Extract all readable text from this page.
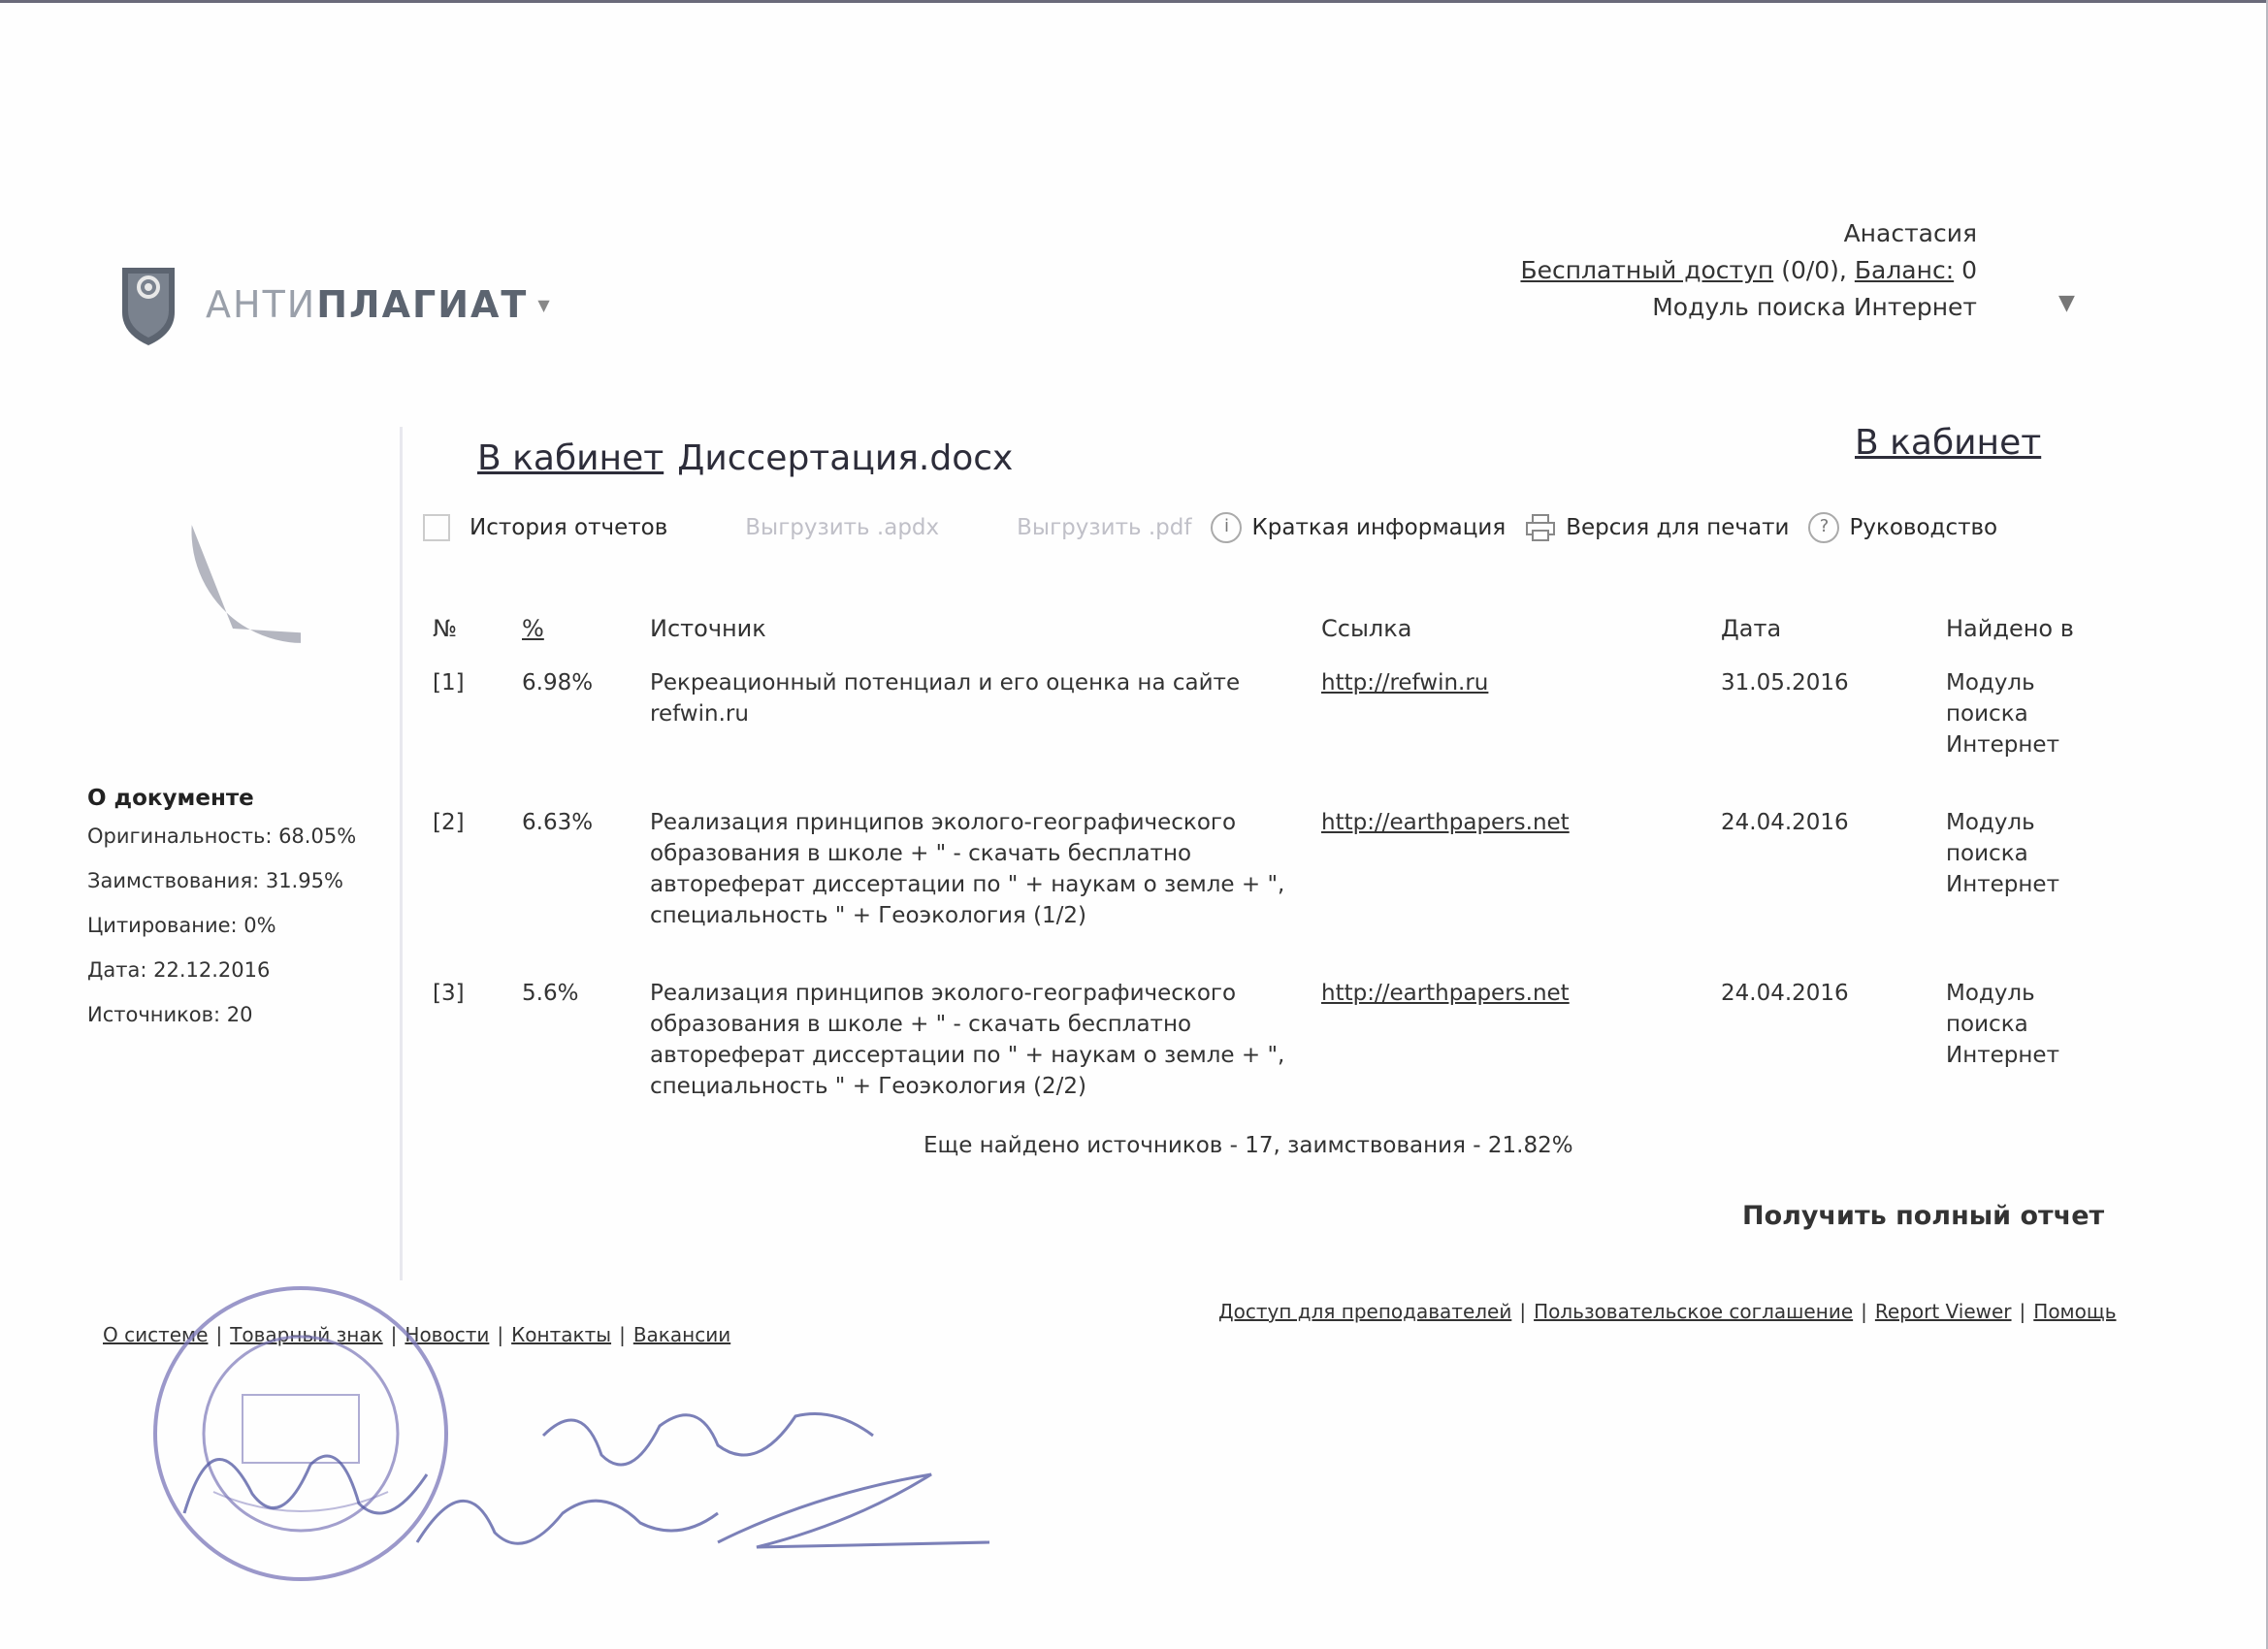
АНТИПЛАГИАТ ▼
Анастасия
Бесплатный доступ (0/0), Баланс: 0
Модуль поиска Интернет	▼
О документе
Оригинальность: 68.05%
Заимствования: 31.95%
Цитирование: 0%
Дата: 22.12.2016
Источников: 20
В кабинет Диссертация.docx	В кабинет
История отчетов	Выгрузить .apdx	Выгрузить .pdf	i	Краткая информация	Версия для печати	? Руководство
№	%	Источник	Ссылка	Дата	Найдено в
[1]	6.98%	Рекреационный потенциал и его оценка на сайте refwin.ru	http://refwin.ru	31.05.2016	Модуль поиска Интернет
[2]	6.63%	Реализация принципов эколого-географического образования в школе + " - скачать бесплатно автореферат диссертации по " + наукам о земле + ", специальность " + Геоэкология (1/2)	http://earthpapers.net	24.04.2016	Модуль поиска Интернет
[3]	5.6%	Реализация принципов эколого-географического образования в школе + " - скачать бесплатно автореферат диссертации по " + наукам о земле + ", специальность " + Геоэкология (2/2)	http://earthpapers.net	24.04.2016	Модуль поиска Интернет
Еще найдено источников - 17, заимствования - 21.82%
Получить полный отчет
О системе | Товарный знак | Новости | Контакты | Вакансии
Доступ для преподавателей | Пользовательское соглашение | Report Viewer | Помощь
